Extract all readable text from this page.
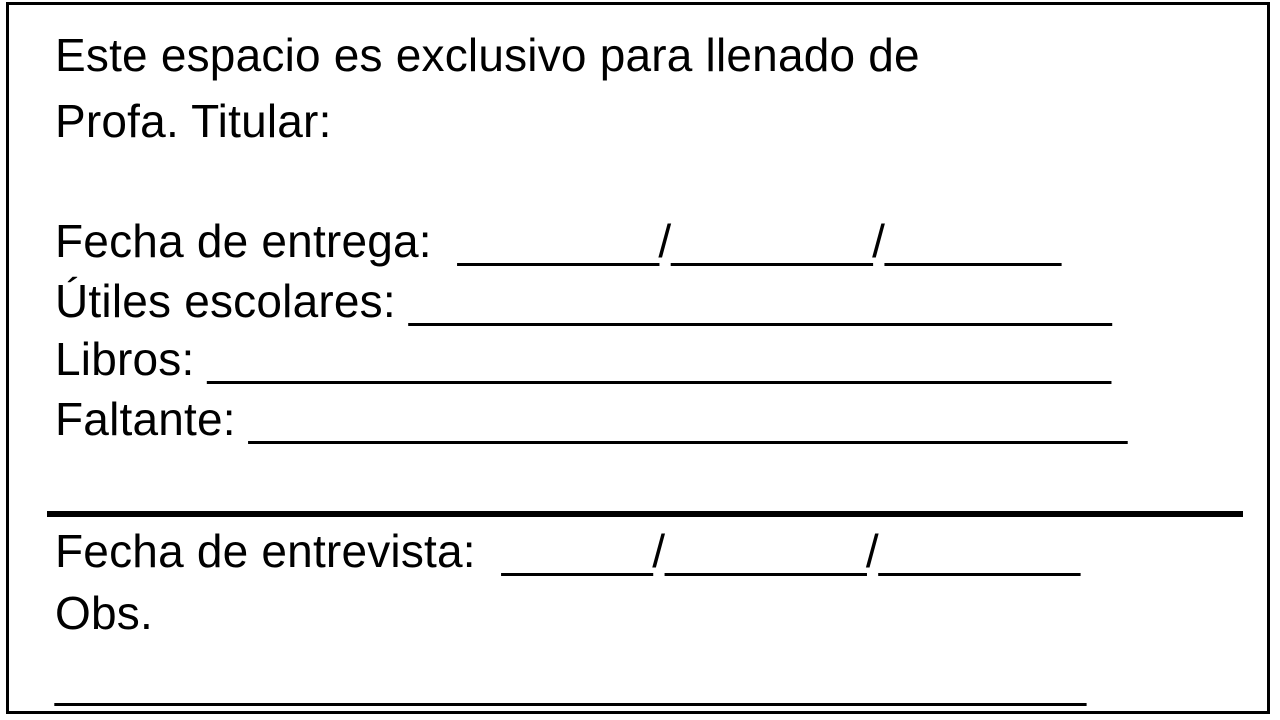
Este espacio es exclusivo para llenado de
Profa. Titular:
Fecha de entrega: ________/________/_______
Útiles escolares: ____________________________
Libros: ____________________________________
Faltante: ___________________________________
Fecha de entrevista: ______/________/________
Obs.
________________________________________
